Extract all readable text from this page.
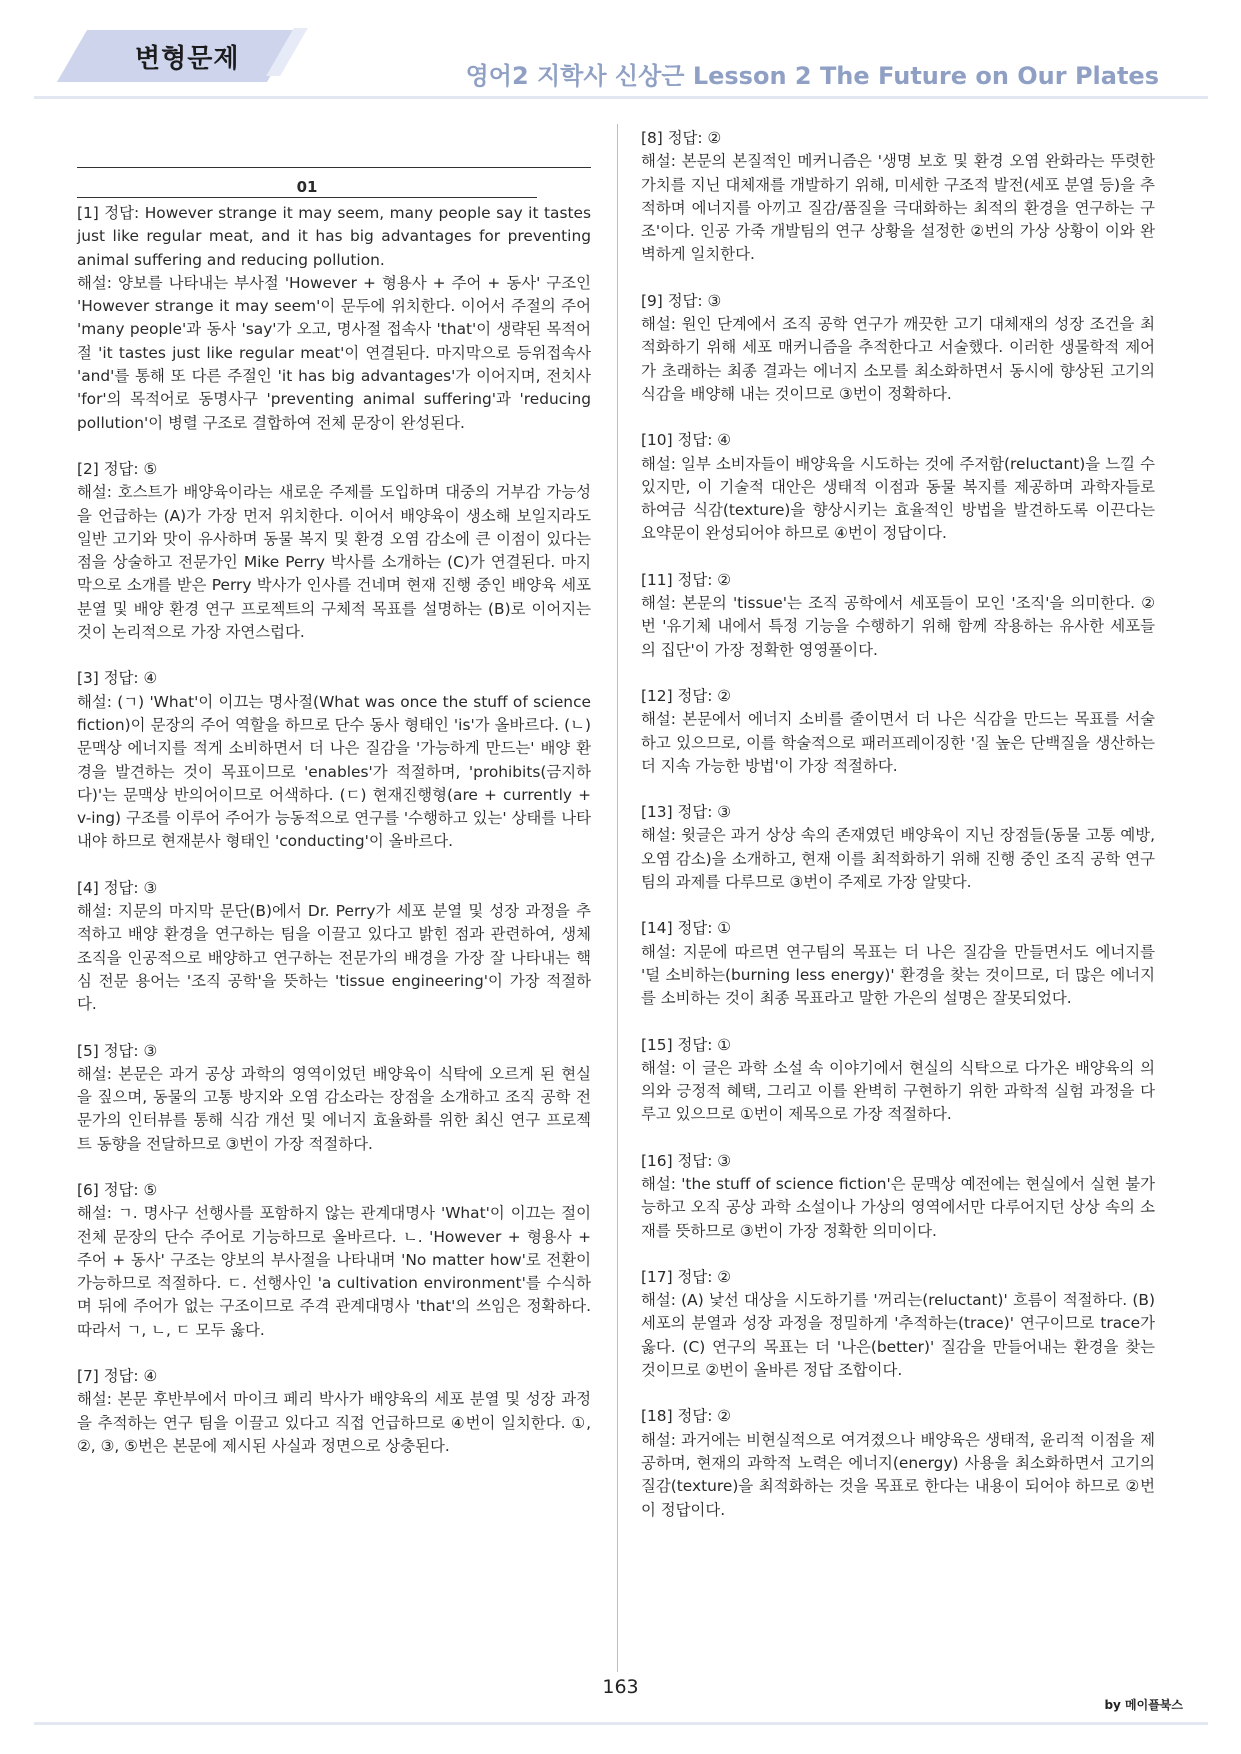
변형문제
영어2 지학사 신상근 Lesson 2 The Future on Our Plates
01

[1] 정답: However strange it may seem, many people say it tastes just like regular meat, and it has big advantages for preventing animal suffering and reducing pollution.

해설: 양보를 나타내는 부사절 'However + 형용사 + 주어 + 동사' 구조인 'However strange it may seem'이 문두에 위치한다. 이어서 주절의 주어 'many people'과 동사 'say'가 오고, 명사절 접속사 'that'이 생략된 목적어절 'it tastes just like regular meat'이 연결된다. 마지막으로 등위접속사 'and'를 통해 또 다른 주절인 'it has big advantages'가 이어지며, 전치사 'for'의 목적어로 동명사구 'preventing animal suffering'과 'reducing pollution'이 병렬 구조로 결합하여 전체 문장이 완성된다.

[2] 정답: ⑤

해설: 호스트가 배양육이라는 새로운 주제를 도입하며 대중의 거부감 가능성을 언급하는 (A)가 가장 먼저 위치한다. 이어서 배양육이 생소해 보일지라도 일반 고기와 맛이 유사하며 동물 복지 및 환경 오염 감소에 큰 이점이 있다는 점을 상술하고 전문가인 Mike Perry 박사를 소개하는 (C)가 연결된다. 마지막으로 소개를 받은 Perry 박사가 인사를 건네며 현재 진행 중인 배양육 세포 분열 및 배양 환경 연구 프로젝트의 구체적 목표를 설명하는 (B)로 이어지는 것이 논리적으로 가장 자연스럽다.

[3] 정답: ④

해설: (ㄱ) 'What'이 이끄는 명사절(What was once the stuff of science fiction)이 문장의 주어 역할을 하므로 단수 동사 형태인 'is'가 올바르다. (ㄴ) 문맥상 에너지를 적게 소비하면서 더 나은 질감을 '가능하게 만드는' 배양 환경을 발견하는 것이 목표이므로 'enables'가 적절하며, 'prohibits(금지하다)'는 문맥상 반의어이므로 어색하다. (ㄷ) 현재진행형(are + currently + v-ing) 구조를 이루어 주어가 능동적으로 연구를 '수행하고 있는' 상태를 나타내야 하므로 현재분사 형태인 'conducting'이 올바르다.

[4] 정답: ③

해설: 지문의 마지막 문단(B)에서 Dr. Perry가 세포 분열 및 성장 과정을 추적하고 배양 환경을 연구하는 팀을 이끌고 있다고 밝힌 점과 관련하여, 생체 조직을 인공적으로 배양하고 연구하는 전문가의 배경을 가장 잘 나타내는 핵심 전문 용어는 '조직 공학'을 뜻하는 'tissue engineering'이 가장 적절하다.

[5] 정답: ③

해설: 본문은 과거 공상 과학의 영역이었던 배양육이 식탁에 오르게 된 현실을 짚으며, 동물의 고통 방지와 오염 감소라는 장점을 소개하고 조직 공학 전문가의 인터뷰를 통해 식감 개선 및 에너지 효율화를 위한 최신 연구 프로젝트 동향을 전달하므로 ③번이 가장 적절하다.

[6] 정답: ⑤

해설: ㄱ. 명사구 선행사를 포함하지 않는 관계대명사 'What'이 이끄는 절이 전체 문장의 단수 주어로 기능하므로 올바르다. ㄴ. 'However + 형용사 + 주어 + 동사' 구조는 양보의 부사절을 나타내며 'No matter how'로 전환이 가능하므로 적절하다. ㄷ. 선행사인 'a cultivation environment'를 수식하며 뒤에 주어가 없는 구조이므로 주격 관계대명사 'that'의 쓰임은 정확하다. 따라서 ㄱ, ㄴ, ㄷ 모두 옳다.

[7] 정답: ④

해설: 본문 후반부에서 마이크 페리 박사가 배양육의 세포 분열 및 성장 과정을 추적하는 연구 팀을 이끌고 있다고 직접 언급하므로 ④번이 일치한다. ①, ②, ③, ⑤번은 본문에 제시된 사실과 정면으로 상충된다.

[8] 정답: ②

해설: 본문의 본질적인 메커니즘은 '생명 보호 및 환경 오염 완화라는 뚜렷한 가치를 지닌 대체재를 개발하기 위해, 미세한 구조적 발전(세포 분열 등)을 추적하며 에너지를 아끼고 질감/품질을 극대화하는 최적의 환경을 연구하는 구조'이다. 인공 가죽 개발팀의 연구 상황을 설정한 ②번의 가상 상황이 이와 완벽하게 일치한다.

[9] 정답: ③

해설: 원인 단계에서 조직 공학 연구가 깨끗한 고기 대체재의 성장 조건을 최적화하기 위해 세포 매커니즘을 추적한다고 서술했다. 이러한 생물학적 제어가 초래하는 최종 결과는 에너지 소모를 최소화하면서 동시에 향상된 고기의 식감을 배양해 내는 것이므로 ③번이 정확하다.

[10] 정답: ④

해설: 일부 소비자들이 배양육을 시도하는 것에 주저함(reluctant)을 느낄 수 있지만, 이 기술적 대안은 생태적 이점과 동물 복지를 제공하며 과학자들로 하여금 식감(texture)을 향상시키는 효율적인 방법을 발견하도록 이끈다는 요약문이 완성되어야 하므로 ④번이 정답이다.

[11] 정답: ②

해설: 본문의 'tissue'는 조직 공학에서 세포들이 모인 '조직'을 의미한다. ②번 '유기체 내에서 특정 기능을 수행하기 위해 함께 작용하는 유사한 세포들의 집단'이 가장 정확한 영영풀이다.

[12] 정답: ②

해설: 본문에서 에너지 소비를 줄이면서 더 나은 식감을 만드는 목표를 서술하고 있으므로, 이를 학술적으로 패러프레이징한 '질 높은 단백질을 생산하는 더 지속 가능한 방법'이 가장 적절하다.

[13] 정답: ③

해설: 윗글은 과거 상상 속의 존재였던 배양육이 지닌 장점들(동물 고통 예방, 오염 감소)을 소개하고, 현재 이를 최적화하기 위해 진행 중인 조직 공학 연구팀의 과제를 다루므로 ③번이 주제로 가장 알맞다.

[14] 정답: ①

해설: 지문에 따르면 연구팀의 목표는 더 나은 질감을 만들면서도 에너지를 '덜 소비하는(burning less energy)' 환경을 찾는 것이므로, 더 많은 에너지를 소비하는 것이 최종 목표라고 말한 가은의 설명은 잘못되었다.

[15] 정답: ①

해설: 이 글은 과학 소설 속 이야기에서 현실의 식탁으로 다가온 배양육의 의의와 긍정적 혜택, 그리고 이를 완벽히 구현하기 위한 과학적 실험 과정을 다루고 있으므로 ①번이 제목으로 가장 적절하다.

[16] 정답: ③

해설: 'the stuff of science fiction'은 문맥상 예전에는 현실에서 실현 불가능하고 오직 공상 과학 소설이나 가상의 영역에서만 다루어지던 상상 속의 소재를 뜻하므로 ③번이 가장 정확한 의미이다.

[17] 정답: ②

해설: (A) 낯선 대상을 시도하기를 '꺼리는(reluctant)' 흐름이 적절하다. (B) 세포의 분열과 성장 과정을 정밀하게 '추적하는(trace)' 연구이므로 trace가 옳다. (C) 연구의 목표는 더 '나은(better)' 질감을 만들어내는 환경을 찾는 것이므로 ②번이 올바른 정답 조합이다.

[18] 정답: ②

해설: 과거에는 비현실적으로 여겨졌으나 배양육은 생태적, 윤리적 이점을 제공하며, 현재의 과학적 노력은 에너지(energy) 사용을 최소화하면서 고기의 질감(texture)을 최적화하는 것을 목표로 한다는 내용이 되어야 하므로 ②번이 정답이다.

163
by 메이플북스
